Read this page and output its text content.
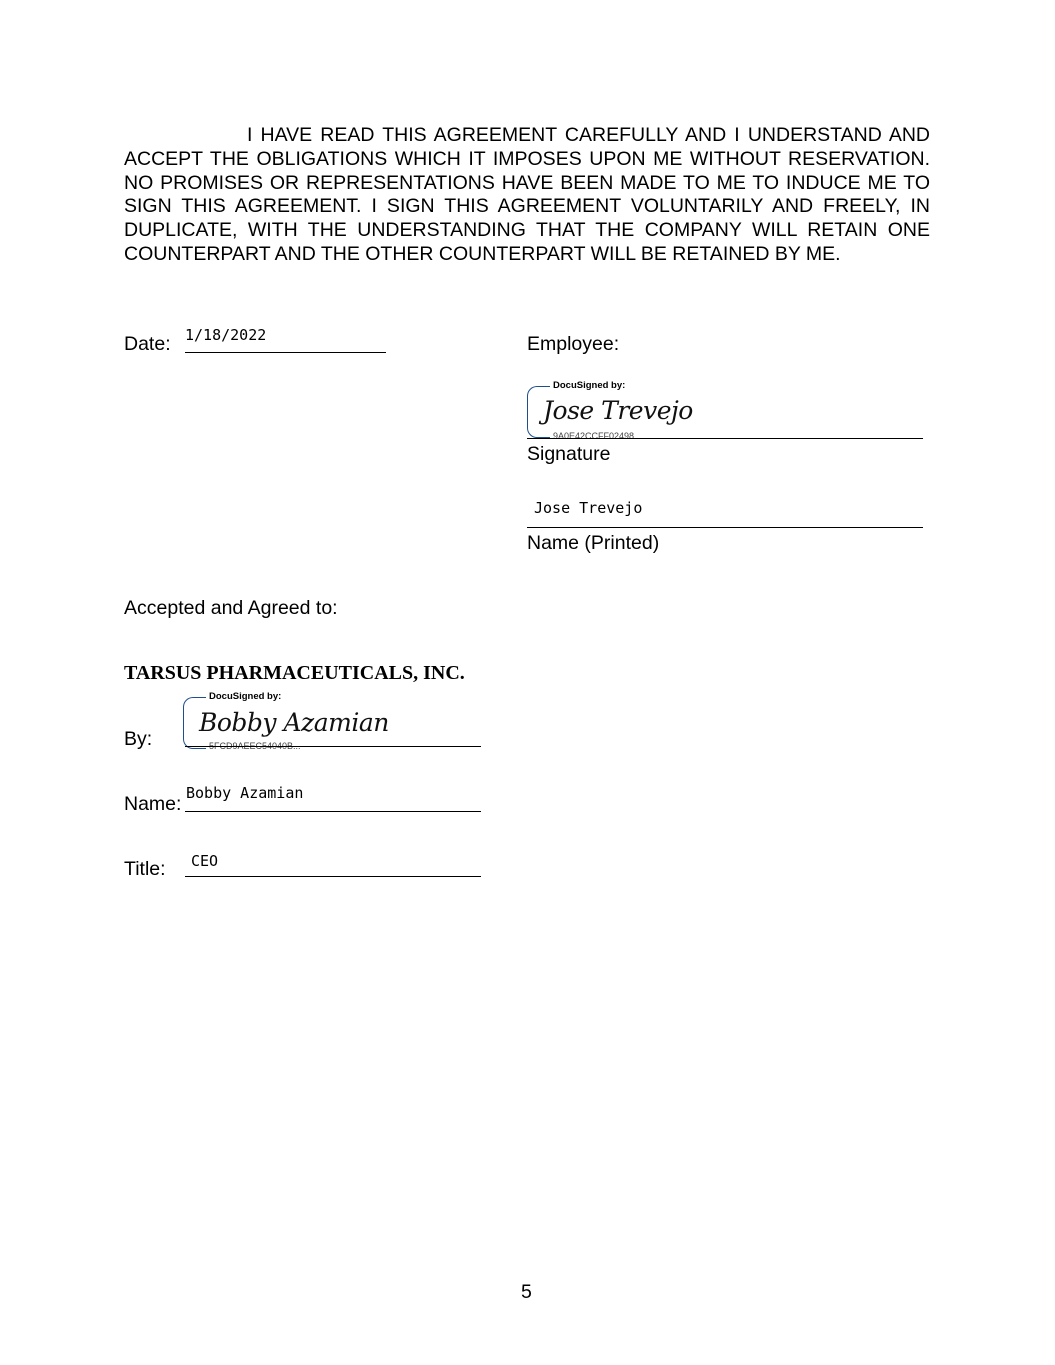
I HAVE READ THIS AGREEMENT CAREFULLY AND I UNDERSTAND AND ACCEPT THE OBLIGATIONS WHICH IT IMPOSES UPON ME WITHOUT RESERVATION. NO PROMISES OR REPRESENTATIONS HAVE BEEN MADE TO ME TO INDUCE ME TO SIGN THIS AGREEMENT. I SIGN THIS AGREEMENT VOLUNTARILY AND FREELY, IN DUPLICATE, WITH THE UNDERSTANDING THAT THE COMPANY WILL RETAIN ONE COUNTERPART AND THE OTHER COUNTERPART WILL BE RETAINED BY ME.
Date: 1/18/2022	Employee:
DocuSigned by:
Jose Trevejo
9A0E42CCFF02498...
Signature
Jose Trevejo
Name (Printed)
Accepted and Agreed to:
TARSUS PHARMACEUTICALS, INC.
By:
DocuSigned by:
Bobby Azamian
5FCD9AEEC54040B...
Name: Bobby Azamian
Title: CEO
5
